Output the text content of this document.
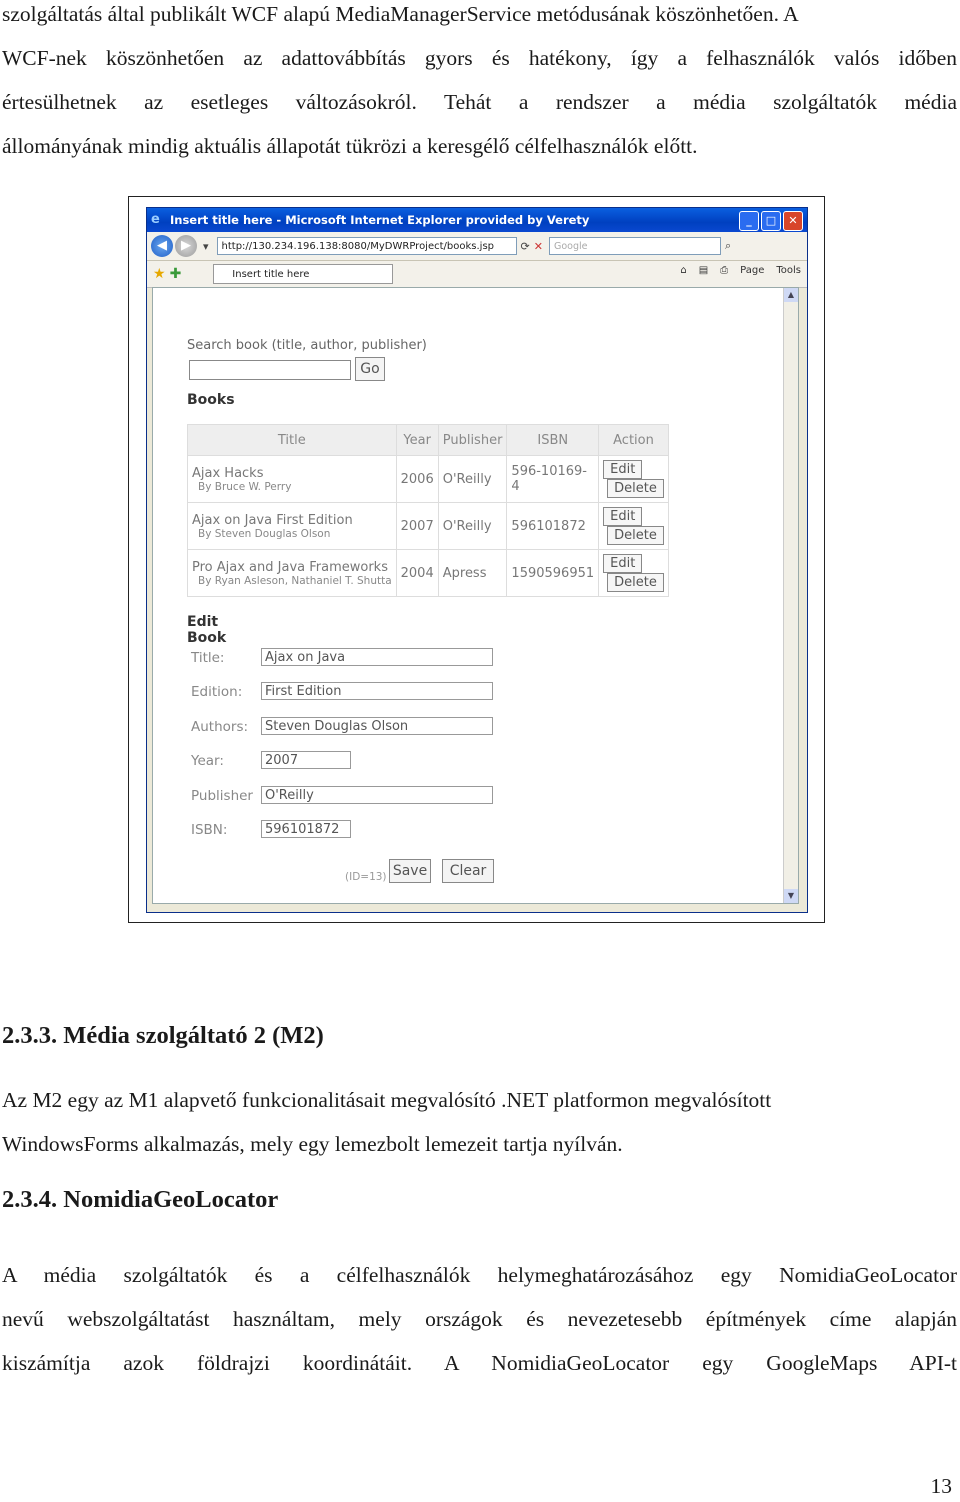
szolgáltatás által publikált WCF alapú MediaManagerService metódusának köszönhetően. A
WCF-nek köszönhetően az adattovábbítás gyors és hatékony, így a felhasználók valós időben
értesülhetnek az esetleges változásokról. Tehát a rendszer a média szolgáltatók média
állományának mindig aktuális állapotát tükrözi a keresgélő célfelhasználók előtt.
e Insert title here - Microsoft Internet Explorer provided by Verety	_	□	✕
◀	▶	▾	http://130.234.196.138:8080/MyDWRProject/books.jsp	⟳ ✕	Google	⌕
★ ✚	Insert title here	⌂ ▤ ⎙ Page Tools
▲
▼
Search book (title, author, publisher)
Go
Books
Title	Year	Publisher	ISBN	Action

Ajax Hacks
By Bruce W. Perry	2006	O'Reilly	596-10169-4	Edit Delete

Ajax on Java First Edition
By Steven Douglas Olson	2007	O'Reilly	596101872	Edit Delete

Pro Ajax and Java Frameworks
By Ryan Asleson, Nathaniel T. Shutta	2004	Apress	1590596951	Edit Delete
Edit Book
Title:	Ajax on Java
Edition:	First Edition
Authors:	Steven Douglas Olson
Year:	2007
Publisher O'Reilly
ISBN:	596101872
(ID=13) Save	Clear
2.3.3. Média szolgáltató 2 (M2)
Az M2 egy az M1 alapvető funkcionalitásait megvalósító .NET platformon megvalósított
WindowsForms alkalmazás, mely egy lemezbolt lemezeit tartja nyílván.
2.3.4. NomidiaGeoLocator
A média szolgáltatók és a célfelhasználók helymeghatározásához egy NomidiaGeoLocator
nevű webszolgáltatást használtam, mely országok és nevezetesebb építmények címe alapján
kiszámítja azok földrajzi koordinátáit. A NomidiaGeoLocator egy GoogleMaps API-t
13
